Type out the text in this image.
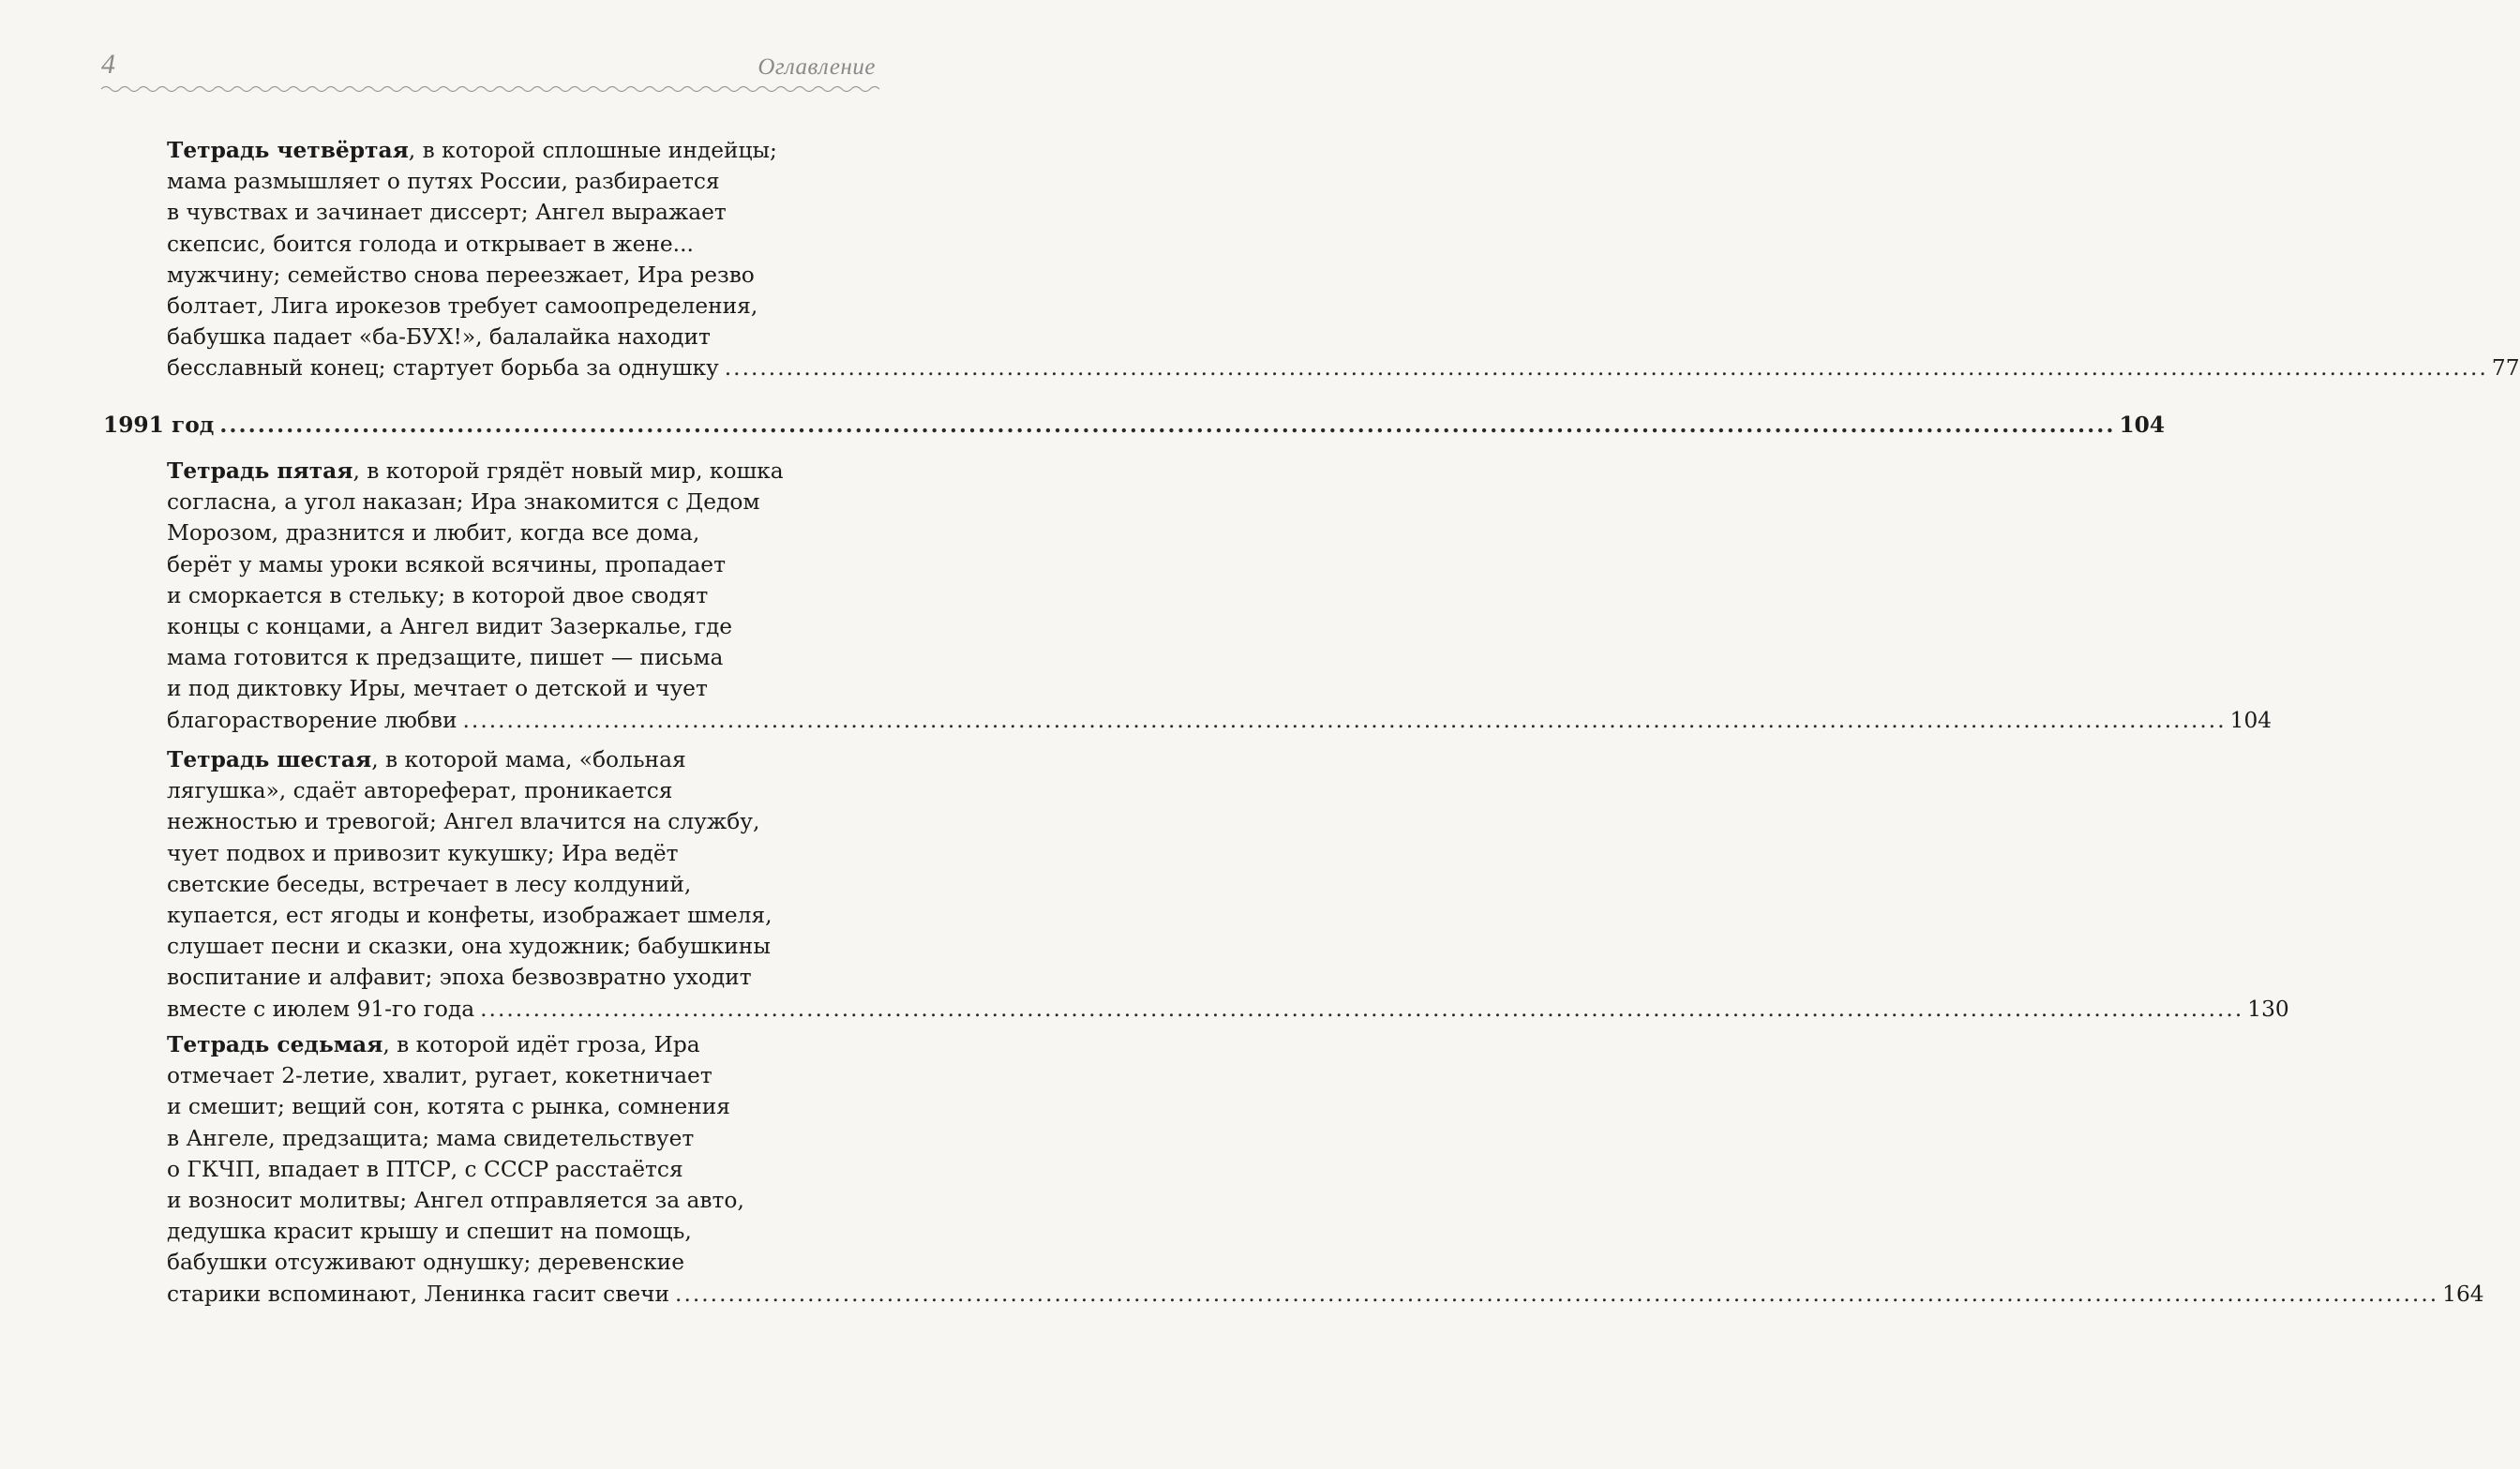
4	Оглавление
Тетрадь четвёртая, в которой сплошные индейцы;
мама размышляет о путях России, разбирается
в чувствах и зачинает диссерт; Ангел выражает
скепсис, боится голода и открывает в жене...
мужчину; семейство снова переезжает, Ира резво
болтает, Лига ирокезов требует самоопределения,
бабушка падает «ба-БУХ!», балалайка находит
бесславный конец; стартует борьба за однушку ........................................................................................................................................................................................................ 77
1991 год ........................................................................................................................................................................................................ 104
Тетрадь пятая, в которой грядёт новый мир, кошка
согласна, а угол наказан; Ира знакомится с Дедом
Морозом, дразнится и любит, когда все дома,
берёт у мамы уроки всякой всячины, пропадает
и сморкается в стельку; в которой двое сводят
концы с концами, а Ангел видит Зазеркалье, где
мама готовится к предзащите, пишет — письма
и под диктовку Иры, мечтает о детской и чует
благорастворение любви ........................................................................................................................................................................................................ 104
Тетрадь шестая, в которой мама, «больная
лягушка», сдаёт автореферат, проникается
нежностью и тревогой; Ангел влачится на службу,
чует подвох и привозит кукушку; Ира ведёт
светские беседы, встречает в лесу колдуний,
купается, ест ягоды и конфеты, изображает шмеля,
слушает песни и сказки, она художник; бабушкины
воспитание и алфавит; эпоха безвозвратно уходит
вместе с июлем 91-го года ........................................................................................................................................................................................................ 130
Тетрадь седьмая, в которой идёт гроза, Ира
отмечает 2-летие, хвалит, ругает, кокетничает
и смешит; вещий сон, котята с рынка, сомнения
в Ангеле, предзащита; мама свидетельствует
о ГКЧП, впадает в ПТСР, с СССР расстаётся
и возносит молитвы; Ангел отправляется за авто,
дедушка красит крышу и спешит на помощь,
бабушки отсуживают однушку; деревенские
старики вспоминают, Ленинка гасит свечи ........................................................................................................................................................................................................ 164
